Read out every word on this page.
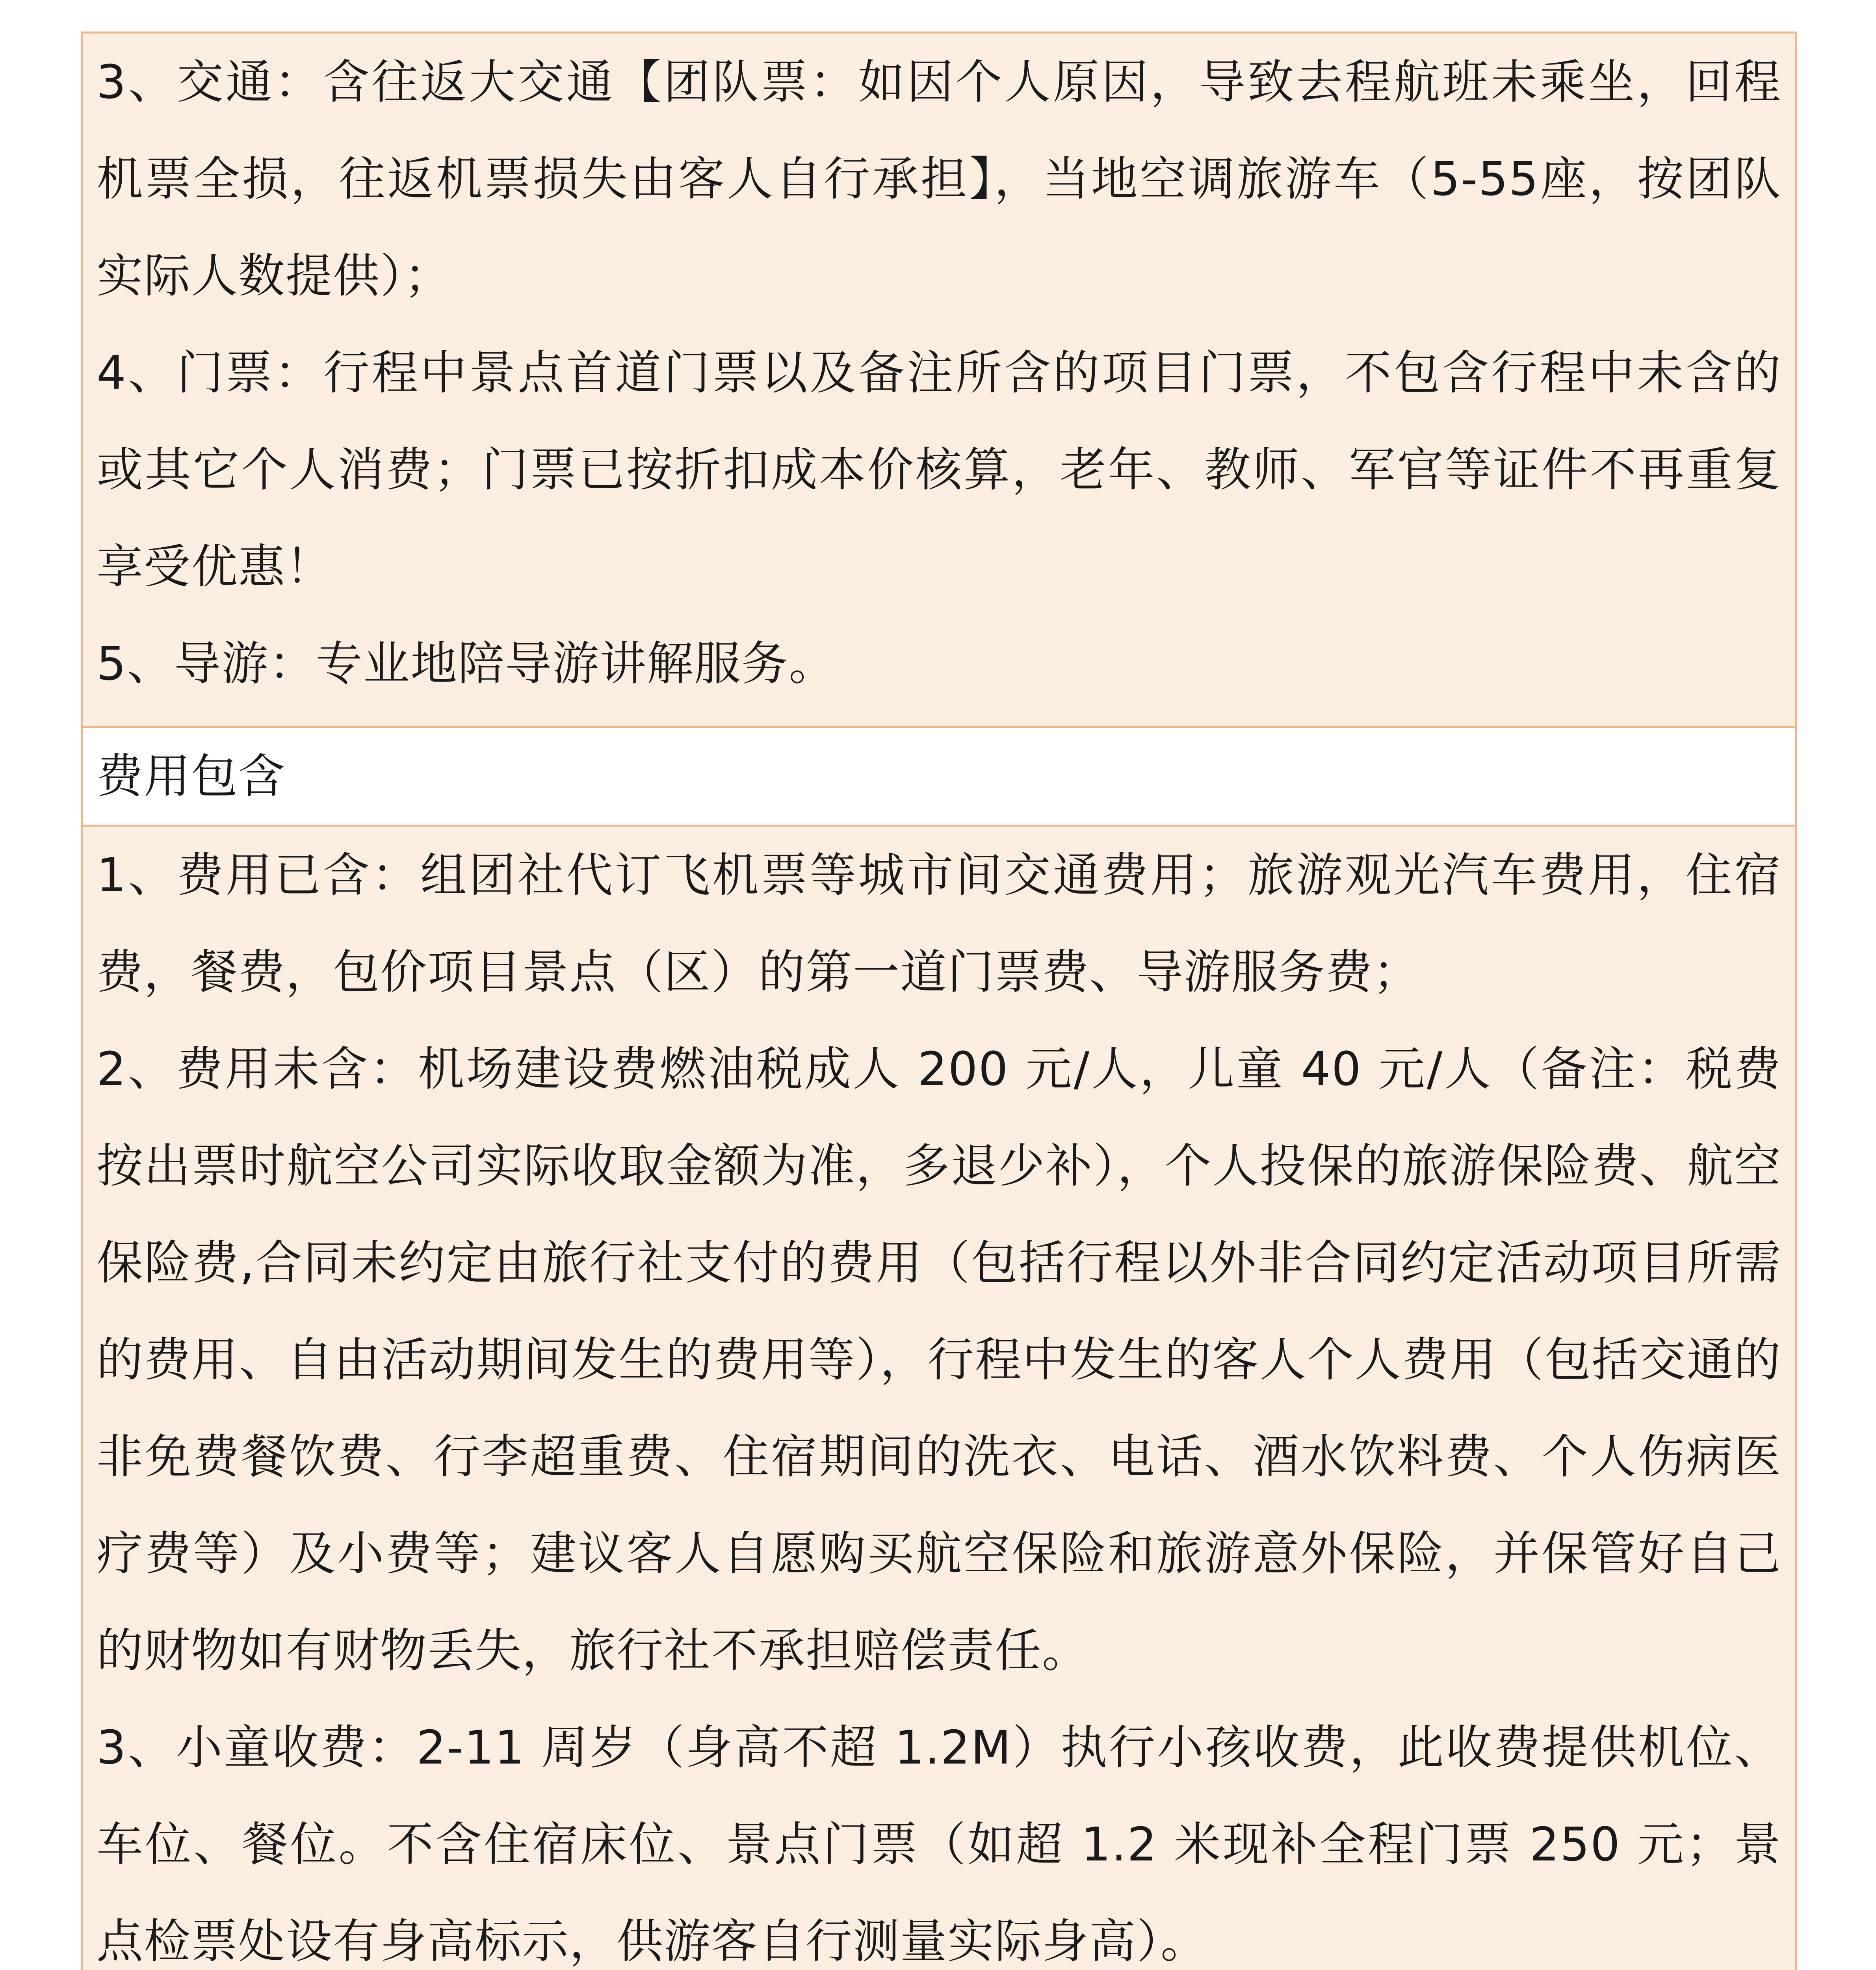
3、交通：含往返大交通【团队票：如因个人原因，导致去程航班未乘坐，回程机票全损，往返机票损失由客人自行承担】，当地空调旅游车（5-55座，按团队实际人数提供）；

4、门票：行程中景点首道门票以及备注所含的项目门票，不包含行程中未含的或其它个人消费；门票已按折扣成本价核算，老年、教师、军官等证件不再重复享受优惠！

5、导游：专业地陪导游讲解服务。

费用包含

1、费用已含：组团社代订飞机票等城市间交通费用；旅游观光汽车费用，住宿费，餐费，包价项目景点（区）的第一道门票费、导游服务费；

2、费用未含：机场建设费燃油税成人 200 元/人，儿童 40 元/人（备注：税费按出票时航空公司实际收取金额为准，多退少补），个人投保的旅游保险费、航空保险费,合同未约定由旅行社支付的费用（包括行程以外非合同约定活动项目所需的费用、自由活动期间发生的费用等），行程中发生的客人个人费用（包括交通的非免费餐饮费、行李超重费、住宿期间的洗衣、电话、酒水饮料费、个人伤病医疗费等）及小费等；建议客人自愿购买航空保险和旅游意外保险，并保管好自己的财物如有财物丢失，旅行社不承担赔偿责任。

3、小童收费：2-11 周岁（身高不超 1.2M）执行小孩收费，此收费提供机位、车位、餐位。不含住宿床位、景点门票（如超 1.2 米现补全程门票 250 元；景点检票处设有身高标示，供游客自行测量实际身高）。
